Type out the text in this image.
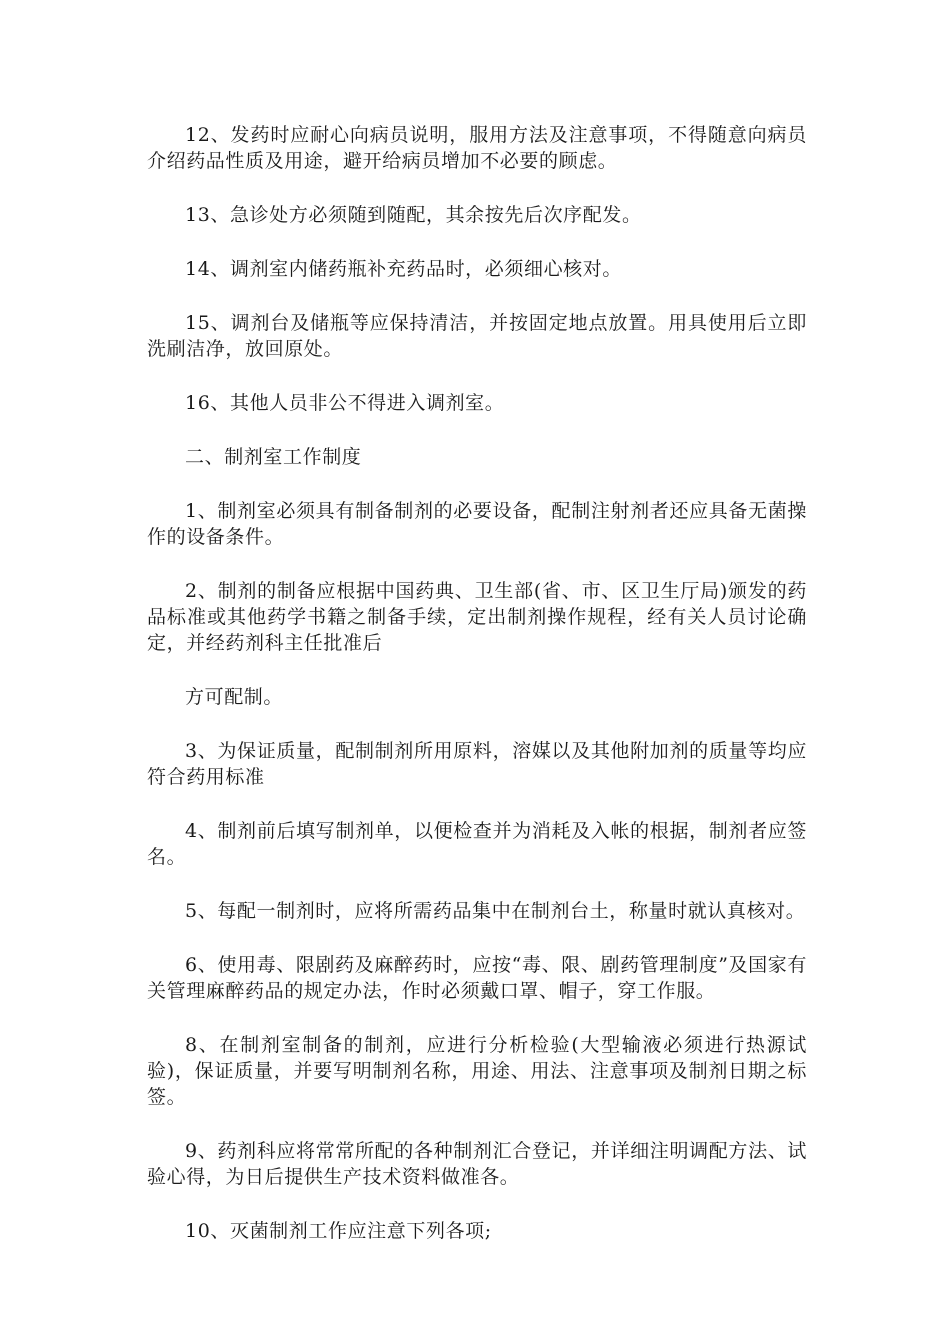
12、发药时应耐心向病员说明，服用方法及注意事项，不得随意向病员介绍药品性质及用途，避开给病员增加不必要的顾虑。

13、急诊处方必须随到随配，其余按先后次序配发。

14、调剂室内储药瓶补充药品时，必须细心核对。

15、调剂台及储瓶等应保持清洁，并按固定地点放置。用具使用后立即洗刷洁净，放回原处。

16、其他人员非公不得进入调剂室。

二、制剂室工作制度

1、制剂室必须具有制备制剂的必要设备，配制注射剂者还应具备无菌操作的设备条件。

2、制剂的制备应根据中国药典、卫生部(省、市、区卫生厅局)颁发的药品标准或其他药学书籍之制备手续，定出制剂操作规程，经有关人员讨论确定，并经药剂科主任批准后

方可配制。

3、为保证质量，配制制剂所用原料，溶媒以及其他附加剂的质量等均应符合药用标准

4、制剂前后填写制剂单，以便检查并为消耗及入帐的根据，制剂者应签名。

5、每配一制剂时，应将所需药品集中在制剂台土，称量时就认真核对。

6、使用毒、限剧药及麻醉药时，应按“毒、限、剧药管理制度”及国家有关管理麻醉药品的规定办法，作时必须戴口罩、帽子，穿工作服。

8、在制剂室制备的制剂，应进行分析检验(大型输液必须进行热源试验)，保证质量，并要写明制剂名称，用途、用法、注意事项及制剂日期之标签。

9、药剂科应将常常所配的各种制剂汇合登记，并详细注明调配方法、试验心得，为日后提供生产技术资料做准各。

10、灭菌制剂工作应注意下列各项;
